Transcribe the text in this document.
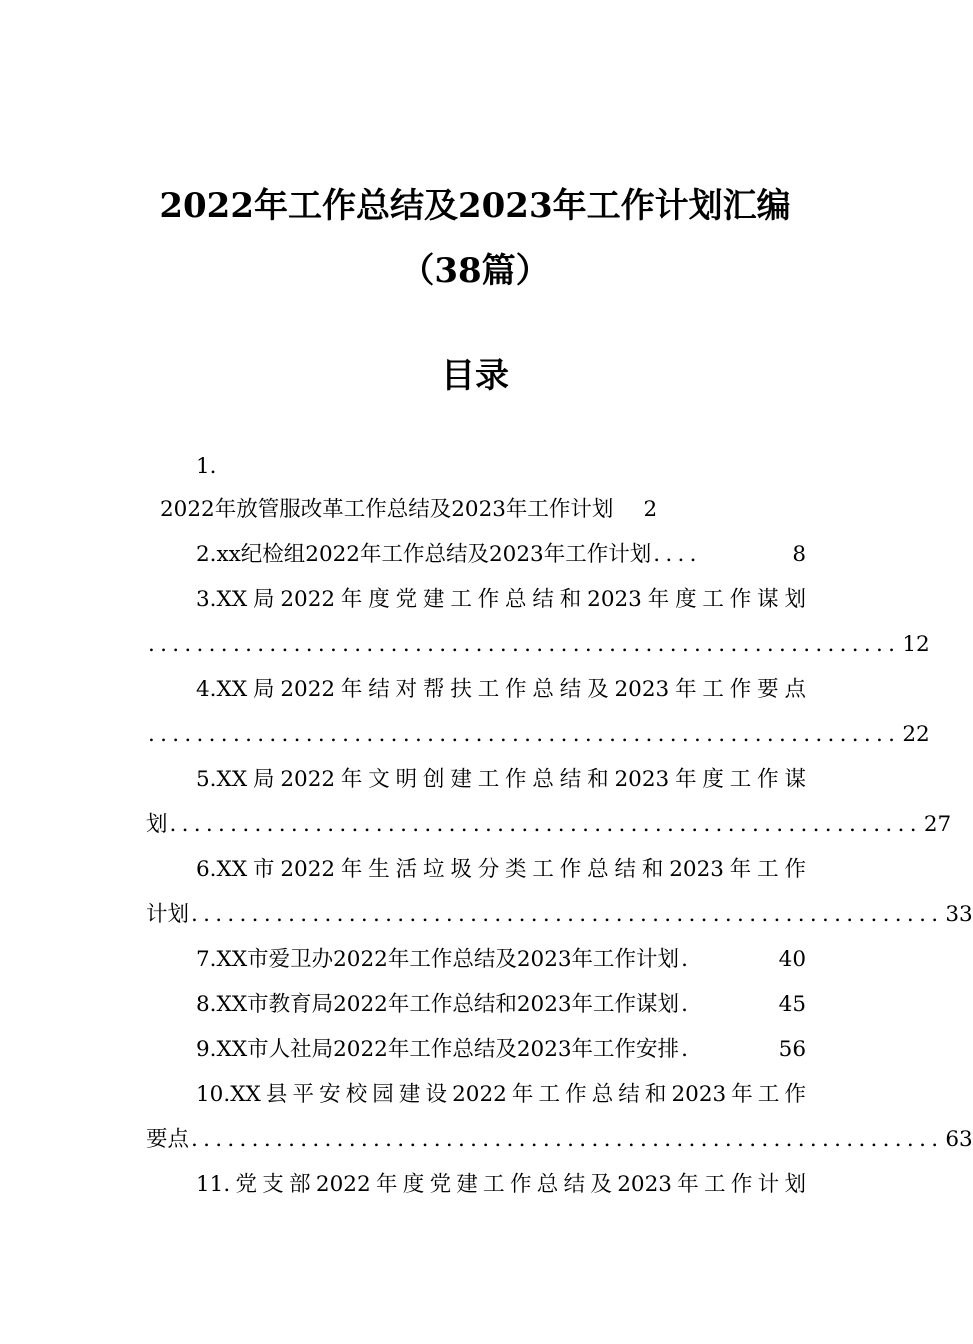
2022年工作总结及2023年工作计划汇编
（38篇）
目录
1.
2022年放管服改革工作总结及2023年工作计划 2
2.xx纪检组2022年工作总结及2023年工作计划 ....	8
3.XX局2022年度党建工作总结和2023年度工作谋划
.............................................................. 12
4.XX局2022年结对帮扶工作总结及2023年工作要点
.............................................................. 22
5.XX局2022年文明创建工作总结和2023年度工作谋
划 .............................................................. 27
6.XX市2022年生活垃圾分类工作总结和2023年工作
计划 .............................................................. 33
7.XX市爱卫办2022年工作总结及2023年工作计划 .	40
8.XX市教育局2022年工作总结和2023年工作谋划 .	45
9.XX市人社局2022年工作总结及2023年工作安排 .	56
10.XX县平安校园建设2022年工作总结和2023年工作
要点 .............................................................. 63
11.党支部2022年度党建工作总结及2023年工作计划
